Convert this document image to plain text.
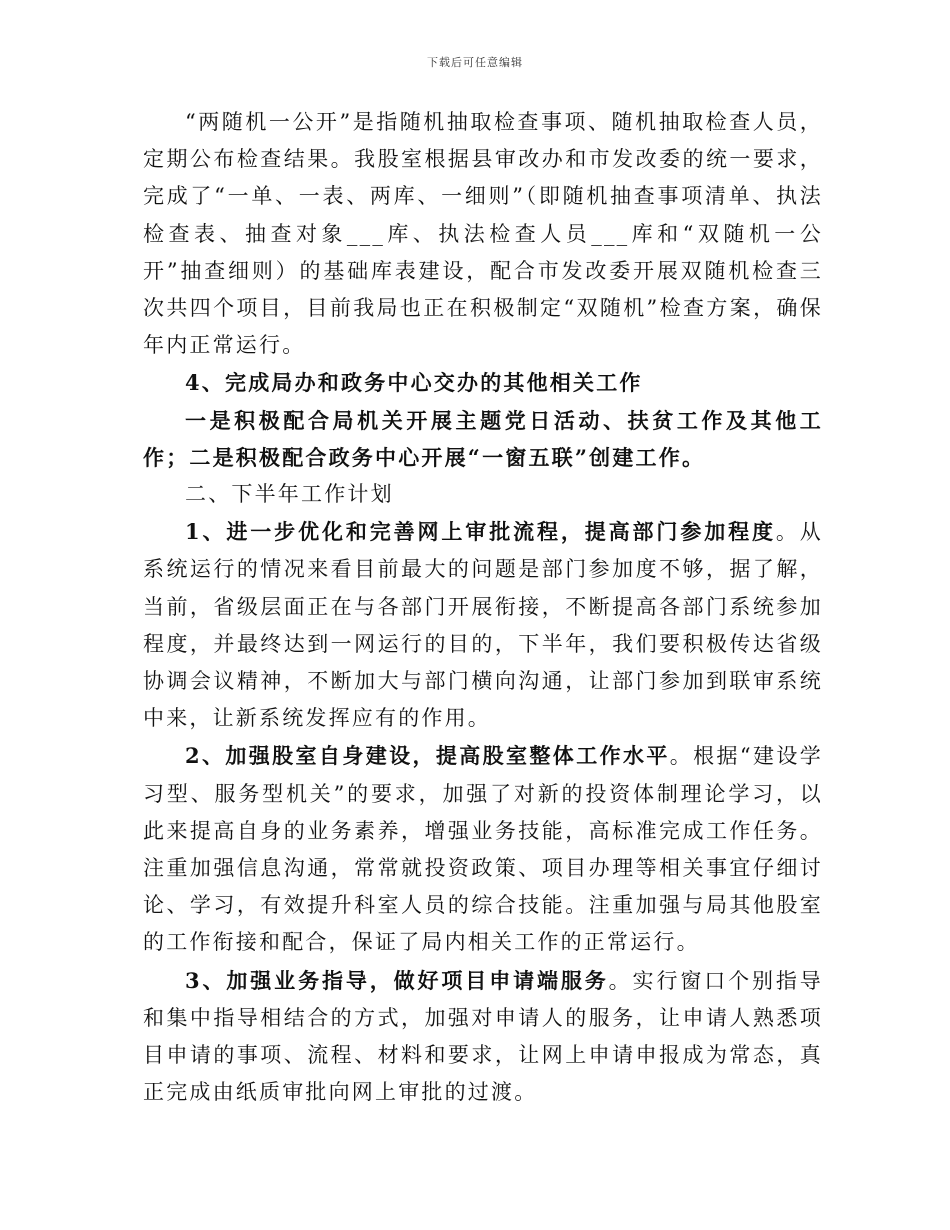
下载后可任意编辑

“两随机一公开”是指随机抽取检查事项、随机抽取检查人员，定期公布检查结果。我股室根据县审改办和市发改委的统一要求，完成了“一单、一表、两库、一细则”（即随机抽查事项清单、执法检查表、抽查对象___库、执法检查人员___库和“双随机一公开”抽查细则）的基础库表建设，配合市发改委开展双随机检查三次共四个项目，目前我局也正在积极制定“双随机”检查方案，确保年内正常运行。

4、完成局办和政务中心交办的其他相关工作

一是积极配合局机关开展主题党日活动、扶贫工作及其他工作；二是积极配合政务中心开展“一窗五联”创建工作。

二、下半年工作计划

1、进一步优化和完善网上审批流程，提高部门参加程度。从系统运行的情况来看目前最大的问题是部门参加度不够，据了解，当前，省级层面正在与各部门开展衔接，不断提高各部门系统参加程度，并最终达到一网运行的目的，下半年，我们要积极传达省级协调会议精神，不断加大与部门横向沟通，让部门参加到联审系统中来，让新系统发挥应有的作用。

2、加强股室自身建设，提高股室整体工作水平。根据“建设学习型、服务型机关”的要求，加强了对新的投资体制理论学习，以此来提高自身的业务素养，增强业务技能，高标准完成工作任务。注重加强信息沟通，常常就投资政策、项目办理等相关事宜仔细讨论、学习，有效提升科室人员的综合技能。注重加强与局其他股室的工作衔接和配合，保证了局内相关工作的正常运行。

3、加强业务指导，做好项目申请端服务。实行窗口个别指导和集中指导相结合的方式，加强对申请人的服务，让申请人熟悉项目申请的事项、流程、材料和要求，让网上申请申报成为常态，真正完成由纸质审批向网上审批的过渡。
